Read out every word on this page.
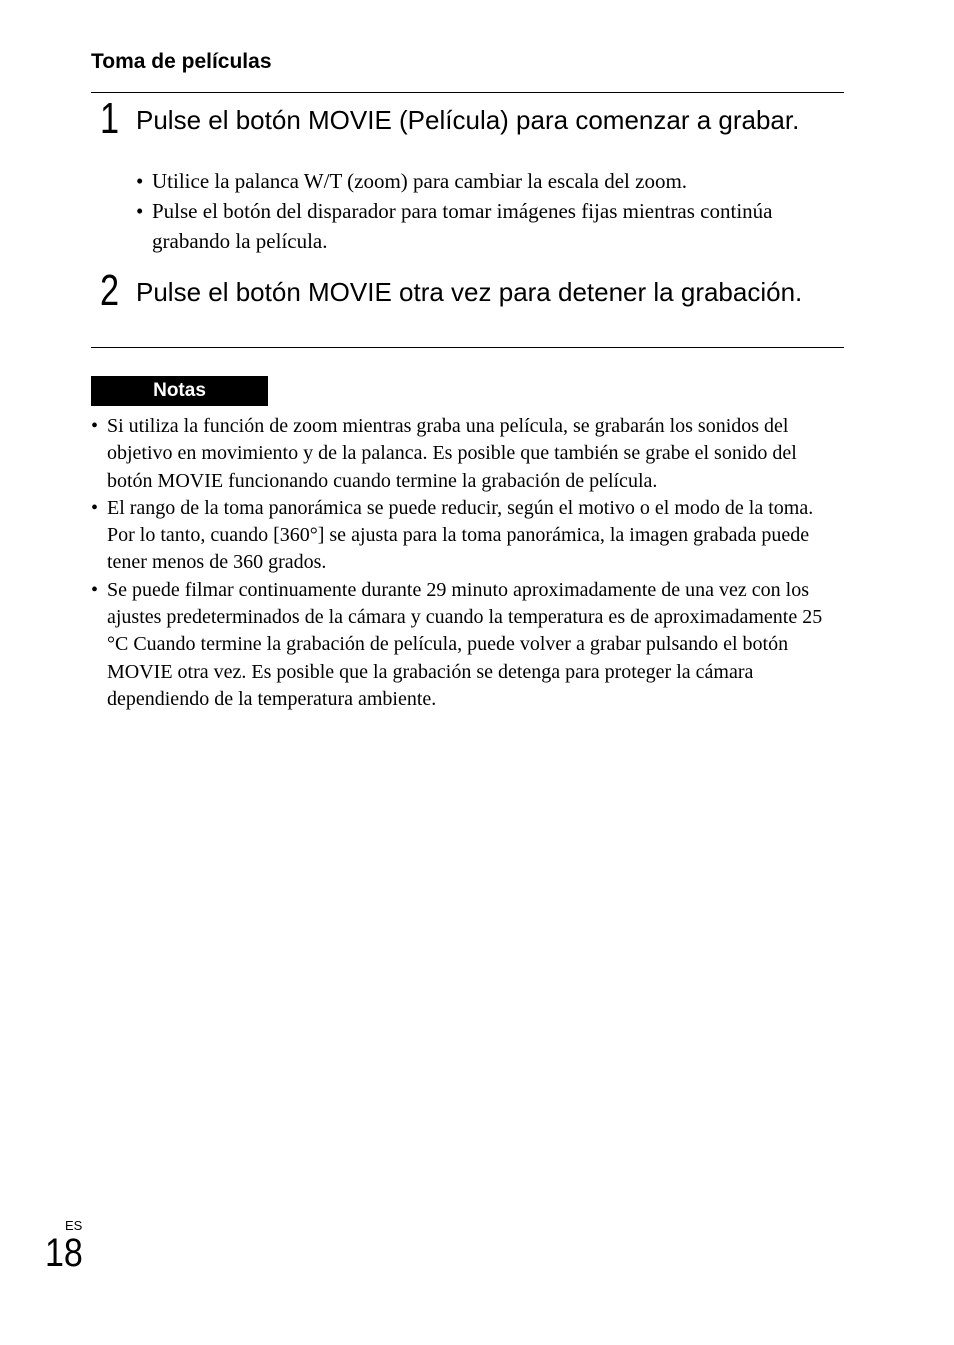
Toma de películas
1 Pulse el botón MOVIE (Película) para comenzar a grabar.
• Utilice la palanca W/T (zoom) para cambiar la escala del zoom.
• Pulse el botón del disparador para tomar imágenes fijas mientras continúa grabando la película.
2 Pulse el botón MOVIE otra vez para detener la grabación.
Notas
• Si utiliza la función de zoom mientras graba una película, se grabarán los sonidos del objetivo en movimiento y de la palanca. Es posible que también se grabe el sonido del botón MOVIE funcionando cuando termine la grabación de película.
• El rango de la toma panorámica se puede reducir, según el motivo o el modo de la toma. Por lo tanto, cuando [360°] se ajusta para la toma panorámica, la imagen grabada puede tener menos de 360 grados.
• Se puede filmar continuamente durante 29 minuto aproximadamente de una vez con los ajustes predeterminados de la cámara y cuando la temperatura es de aproximadamente 25 °C Cuando termine la grabación de película, puede volver a grabar pulsando el botón MOVIE otra vez. Es posible que la grabación se detenga para proteger la cámara dependiendo de la temperatura ambiente.
ES
18
